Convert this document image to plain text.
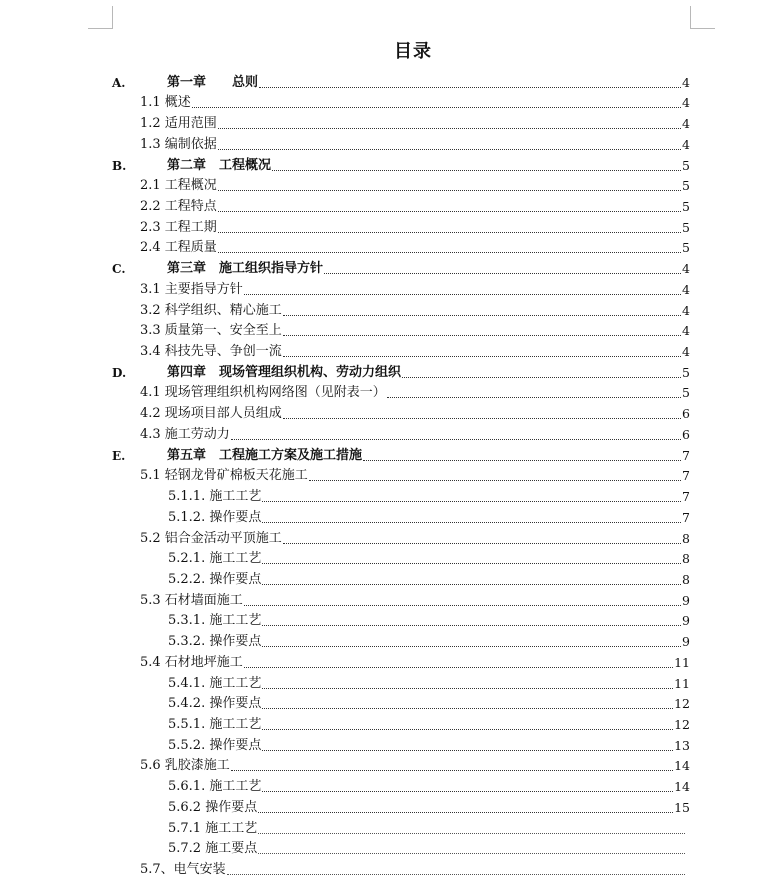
目录
A.	第一章　　总则	4
1.1 概述	4
1.2 适用范围	4
1.3 编制依据	4
B.	第二章　工程概况	5
2.1 工程概况	5
2.2 工程特点	5
2.3 工程工期	5
2.4 工程质量	5
C.	第三章　施工组织指导方针	4
3.1 主要指导方针	4
3.2 科学组织、精心施工	4
3.3 质量第一、安全至上	4
3.4 科技先导、争创一流	4
D.	第四章　现场管理组织机构、劳动力组织	5
4.1 现场管理组织机构网络图（见附表一）	5
4.2 现场项目部人员组成	6
4.3 施工劳动力	6
E.	第五章　工程施工方案及施工措施	7
5.1 轻钢龙骨矿棉板天花施工	7
5.1.1. 施工工艺	7
5.1.2. 操作要点	7
5.2 铝合金活动平顶施工	8
5.2.1. 施工工艺	8
5.2.2. 操作要点	8
5.3 石材墙面施工	9
5.3.1. 施工工艺	9
5.3.2. 操作要点	9
5.4 石材地坪施工	11
5.4.1. 施工工艺	11
5.4.2. 操作要点	12
5.5.1. 施工工艺	12
5.5.2. 操作要点	13
5.6 乳胶漆施工	14
5.6.1. 施工工艺	14
5.6.2 操作要点	15
5.7.1 施工工艺
5.7.2 施工要点
5.7、电气安装
